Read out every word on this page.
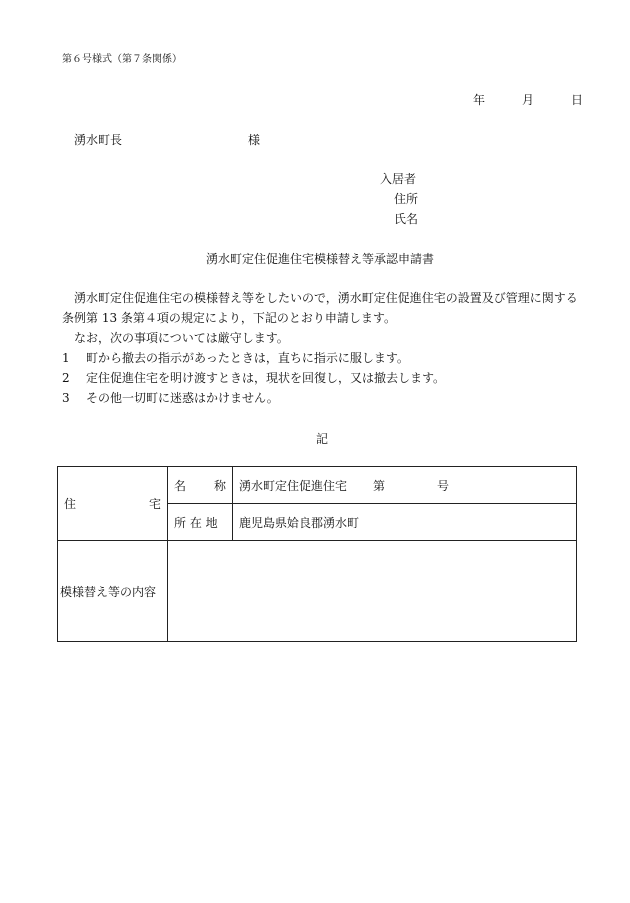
第６号様式（第７条関係）
年	月	日
湧水町長	様
入居者
住所
氏名
湧水町定住促進住宅模様替え等承認申請書
湧水町定住促進住宅の模様替え等をしたいので，湧水町定住促進住宅の設置及び管理に関する
条例第 13 条第４項の規定により，下記のとおり申請します。
なお，次の事項については厳守します。
1 町から撤去の指示があったときは，直ちに指示に服します。
2 定住促進住宅を明け渡すときは，現状を回復し，又は撤去します。
3 その他一切町に迷惑はかけません。
記
住 宅	名 称	湧水町定住促進住宅 第 号
	所 在 地	鹿児島県姶良郡湧水町
模様替え等の内容		
